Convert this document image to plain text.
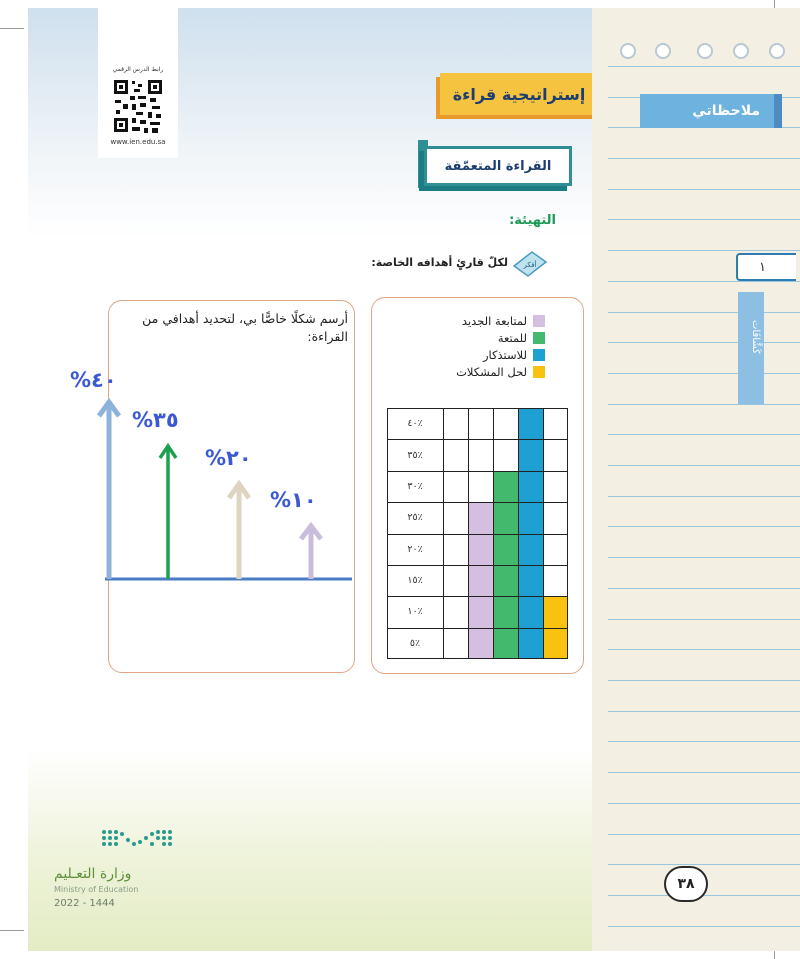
رابط الدرس الرقمي
www.ien.edu.sa
إستراتيجية قراءة
القراءة المتعمّقة
التهيئة:
أفكر
لكلّ قارئٍ أهدافه الخاصة:
أرسم شكلًا خاصًّا بي، لتحديد أهدافي من القراءة:
٤٠%
٣٥%
٢٠%
١٠%
لمتابعة الجديد
للمتعة
للاستذكار
لحل المشكلات
٪٤٠
٪٣٥
٪٣٠
٪٢٥
٪٢٠
٪١٥
٪١٠
٪٥
ملاحظاتي
١
كَشَّافَات
٣٨
وزارة التعـليم
Ministry of Education
2022 - 1444
